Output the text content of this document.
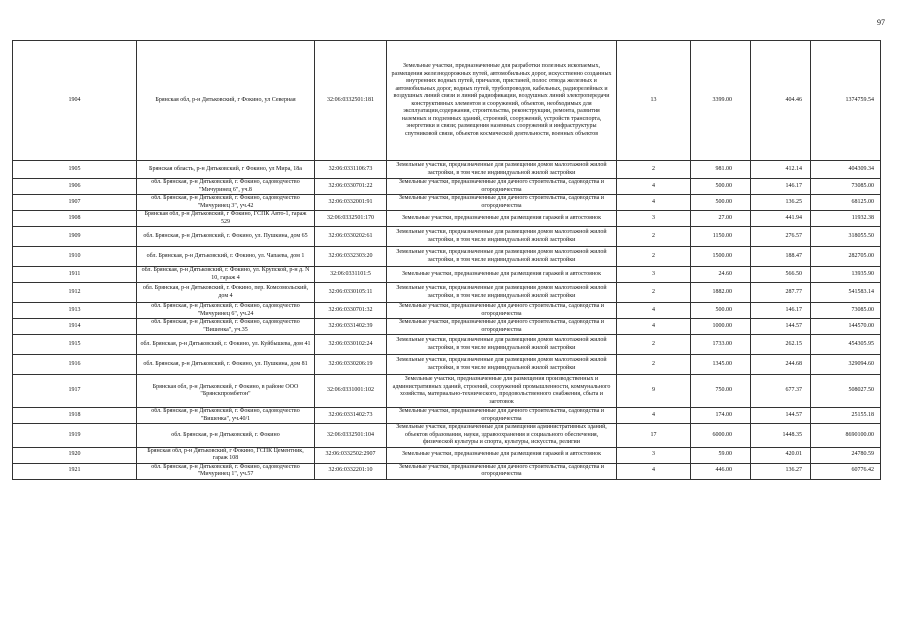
97
1904	Брянская обл, р-н Дятьковский, г Фокино, ул Северная	32:06:0332501:181	Земельные участки, предназначенные для разработки полезных ископаемых, размещения железнодорожных путей, автомобильных дорог, искусственно созданных внутренних водных путей, причалов, пристаней, полос отвода железных и автомобильных дорог, водных путей, трубопроводов, кабельных, радиорелейных и воздушных линий связи и линий радиофикации, воздушных линий электропередачи конструктивных элементов и сооружений, объектов, необходимых для эксплуатации,содержания, строительства, реконструкции, ремонта, развития наземных и подземных зданий, строений, сооружений, устройств транспорта, энергетики и связи; размещения наземных сооружений и инфраструктуры спутниковой связи, объектов космической деятельности, военных объектов	13	3399.00	404.46	1374759.54
1905	Брянская область, р-н Дятьковский, г Фокино, ул Мира, 18а	32:06:0331106:73	Земельные участки, предназначенные для размещения домов малоэтажной жилой застройки, в том числе индивидуальной жилой застройки	2	981.00	412.14	404309.34
1906	обл. Брянская, р-н Дятьковский, г. Фокино, садоводчество "Мичуринец 6", уч.8	32:06:0330701:22	Земельные участки, предназначенные для дачного строительства, садоводства и огородничества	4	500.00	146.17	73085.00
1907	обл. Брянская, р-н Дятьковский, г. Фокино, садоводчество "Мичуринец 3", уч.42	32:06:0332001:91	Земельные участки, предназначенные для дачного строительства, садоводства и огородничества	4	500.00	136.25	68125.00
1908	Брянская обл, р-н Дятьковский, г Фокино, ГСПК Авто-1, гараж 529	32:06:0332501:170	Земельные участки, предназначенные для размещения гаражей и автостоянок	3	27.00	441.94	11932.38
1909	обл. Брянская, р-н Дятьковский, г. Фокино, ул. Пушкина, дом 65	32:06:0330202:61	Земельные участки, предназначенные для размещения домов малоэтажной жилой застройки, в том числе индивидуальной жилой застройки	2	1150.00	276.57	318055.50
1910	обл. Брянская, р-н Дятьковский, г. Фокино, ул. Чапаева, дом 1	32:06:0332303:20	Земельные участки, предназначенные для размещения домов малоэтажной жилой застройки, в том числе индивидуальной жилой застройки	2	1500.00	188.47	282705.00
1911	обл. Брянская, р-н Дятьковский, г. Фокино, ул. Крупской, р-н д. N 10, гараж 4	32:06:0331101:5	Земельные участки, предназначенные для размещения гаражей и автостоянок	3	24.60	566.50	13935.90
1912	обл. Брянская, р-н Дятьковский, г. Фокино, пер. Комсомольский, дом 4	32:06:0330105:11	Земельные участки, предназначенные для размещения домов малоэтажной жилой застройки, в том числе индивидуальной жилой застройки	2	1882.00	287.77	541583.14
1913	обл. Брянская, р-н Дятьковский, г. Фокино, садоводчество "Мичуринец 6", уч.24	32:06:0330701:32	Земельные участки, предназначенные для дачного строительства, садоводства и огородничества	4	500.00	146.17	73085.00
1914	обл. Брянская, р-н Дятьковский, г. Фокино, садоводчество "Вишенка", уч.35	32:06:0331402:39	Земельные участки, предназначенные для дачного строительства, садоводства и огородничества	4	1000.00	144.57	144570.00
1915	обл. Брянская, р-н Дятьковский, г. Фокино, ул. Куйбышева, дом 41	32:06:0330102:24	Земельные участки, предназначенные для размещения домов малоэтажной жилой застройки, в том числе индивидуальной жилой застройки	2	1733.00	262.15	454305.95
1916	обл. Брянская, р-н Дятьковский, г. Фокино, ул. Пушкина, дом 81	32:06:0330206:19	Земельные участки, предназначенные для размещения домов малоэтажной жилой застройки, в том числе индивидуальной жилой застройки	2	1345.00	244.68	329094.60
1917	Брянская обл, р-н Дятьковский, г Фокино, в районе ООО "Брянскпромбетон"	32:06:0331001:102	Земельные участки, предназначенные для размещения производственных и административных зданий, строений, сооружений промышленности, коммунального хозяйства, материально-технического, продовольственного снабжения, сбыта и заготовок	9	750.00	677.37	508027.50
1918	обл. Брянская, р-н Дятьковский, г. Фокино, садоводчество "Вишенка", уч.40/1	32:06:0331402:73	Земельные участки, предназначенные для дачного строительства, садоводства и огородничества	4	174.00	144.57	25155.18
1919	обл. Брянская, р-н Дятьковский, г. Фокино	32:06:0332501:104	Земельные участки, предназначенные для размещения административных зданий, объектов образования, науки, здравоохранения и социального обеспечения, физической культуры и спорта, культуры, искусства, религии	17	6000.00	1448.35	8690100.00
1920	Брянская обл, р-н Дятьковский, г Фокино, ГСПК Цементник, гараж 108	32:06:0332502:2907	Земельные участки, предназначенные для размещения гаражей и автостоянок	3	59.00	420.01	24780.59
1921	обл. Брянская, р-н Дятьковский, г. Фокино, садоводчество "Мичуринец 1", уч.57	32:06:0332201:10	Земельные участки, предназначенные для дачного строительства, садоводства и огородничества	4	446.00	136.27	60776.42
